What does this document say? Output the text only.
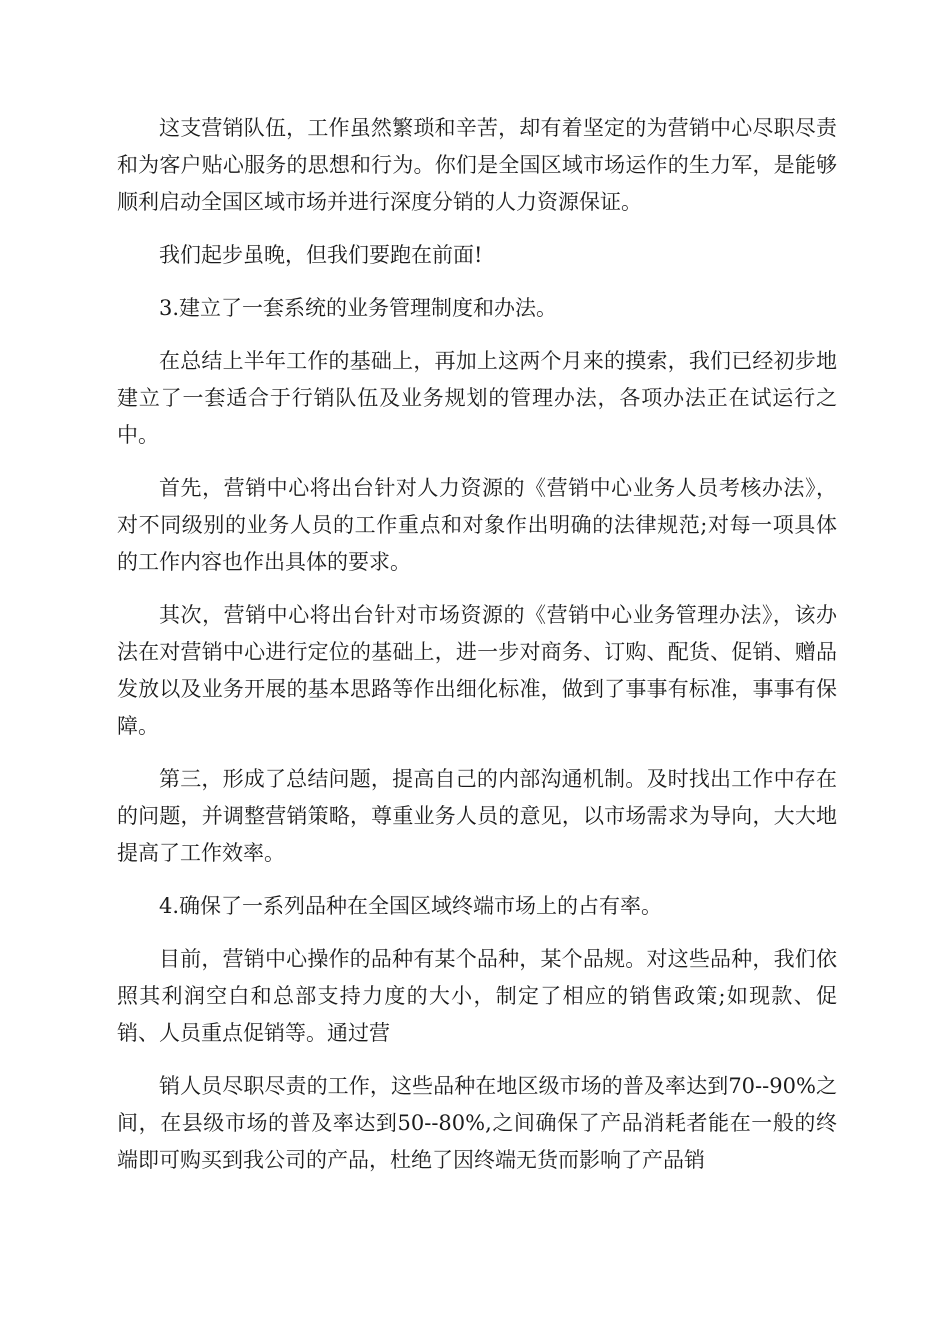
这支营销队伍，工作虽然繁琐和辛苦，却有着坚定的为营销中心尽职尽责和为客户贴心服务的思想和行为。你们是全国区域市场运作的生力军，是能够顺利启动全国区域市场并进行深度分销的人力资源保证。

我们起步虽晚，但我们要跑在前面!

3.建立了一套系统的业务管理制度和办法。

在总结上半年工作的基础上，再加上这两个月来的摸索，我们已经初步地建立了一套适合于行销队伍及业务规划的管理办法，各项办法正在试运行之中。

首先，营销中心将出台针对人力资源的《营销中心业务人员考核办法》，对不同级别的业务人员的工作重点和对象作出明确的法律规范;对每一项具体的工作内容也作出具体的要求。

其次，营销中心将出台针对市场资源的《营销中心业务管理办法》，该办法在对营销中心进行定位的基础上，进一步对商务、订购、配货、促销、赠品发放以及业务开展的基本思路等作出细化标准，做到了事事有标准，事事有保障。

第三，形成了总结问题，提高自己的内部沟通机制。及时找出工作中存在的问题，并调整营销策略，尊重业务人员的意见，以市场需求为导向，大大地提高了工作效率。

4.确保了一系列品种在全国区域终端市场上的占有率。

目前，营销中心操作的品种有某个品种，某个品规。对这些品种，我们依照其利润空白和总部支持力度的大小，制定了相应的销售政策;如现款、促销、人员重点促销等。通过营

销人员尽职尽责的工作，这些品种在地区级市场的普及率达到70--90%之间，在县级市场的普及率达到50--80%,之间确保了产品消耗者能在一般的终端即可购买到我公司的产品，杜绝了因终端无货而影响了产品销
